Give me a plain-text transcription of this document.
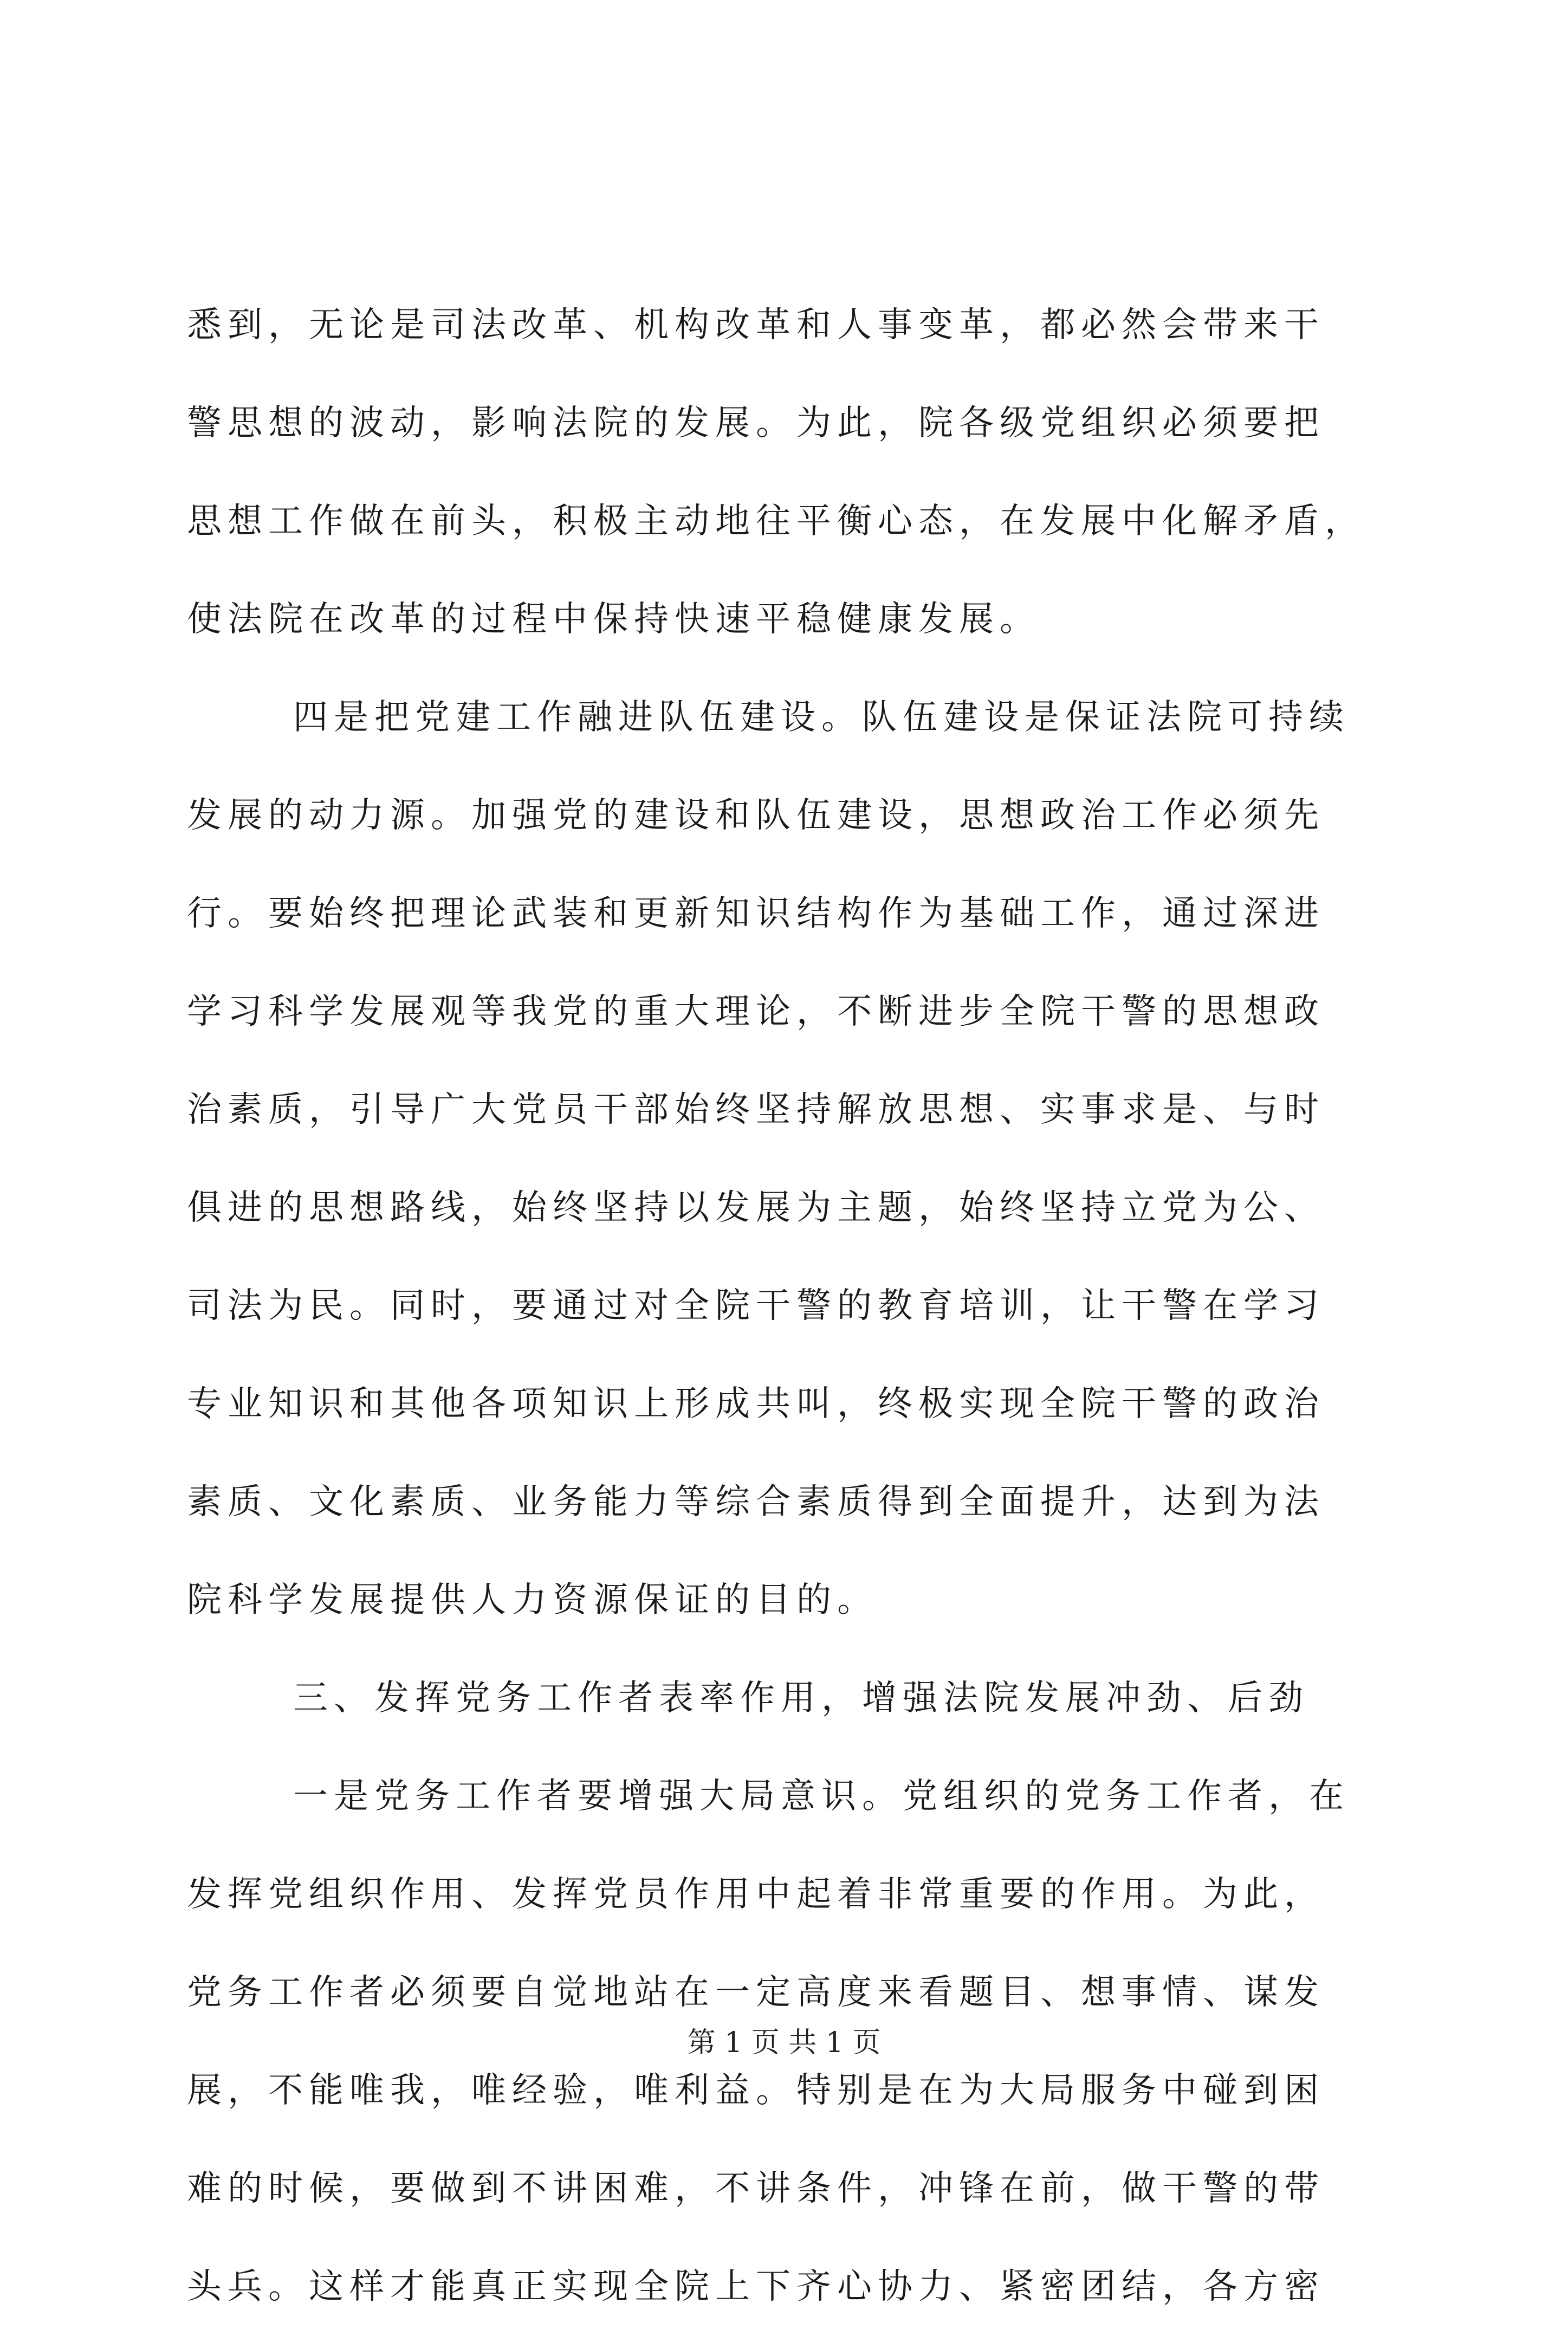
悉到，无论是司法改革、机构改革和人事变革，都必然会带来干
警思想的波动，影响法院的发展。为此，院各级党组织必须要把
思想工作做在前头，积极主动地往平衡心态，在发展中化解矛盾，
使法院在改革的过程中保持快速平稳健康发展。
四是把党建工作融进队伍建设。队伍建设是保证法院可持续
发展的动力源。加强党的建设和队伍建设，思想政治工作必须先
行。要始终把理论武装和更新知识结构作为基础工作，通过深进
学习科学发展观等我党的重大理论，不断进步全院干警的思想政
治素质，引导广大党员干部始终坚持解放思想、实事求是、与时
俱进的思想路线，始终坚持以发展为主题，始终坚持立党为公、
司法为民。同时，要通过对全院干警的教育培训，让干警在学习
专业知识和其他各项知识上形成共叫，终极实现全院干警的政治
素质、文化素质、业务能力等综合素质得到全面提升，达到为法
院科学发展提供人力资源保证的目的。
三、发挥党务工作者表率作用，增强法院发展冲劲、后劲
一是党务工作者要增强大局意识。党组织的党务工作者，在
发挥党组织作用、发挥党员作用中起着非常重要的作用。为此，
党务工作者必须要自觉地站在一定高度来看题目、想事情、谋发
展，不能唯我，唯经验，唯利益。特别是在为大局服务中碰到困
难的时候，要做到不讲困难，不讲条件，冲锋在前，做干警的带
头兵。这样才能真正实现全院上下齐心协力、紧密团结，各方密
第 1 页 共 1 页
